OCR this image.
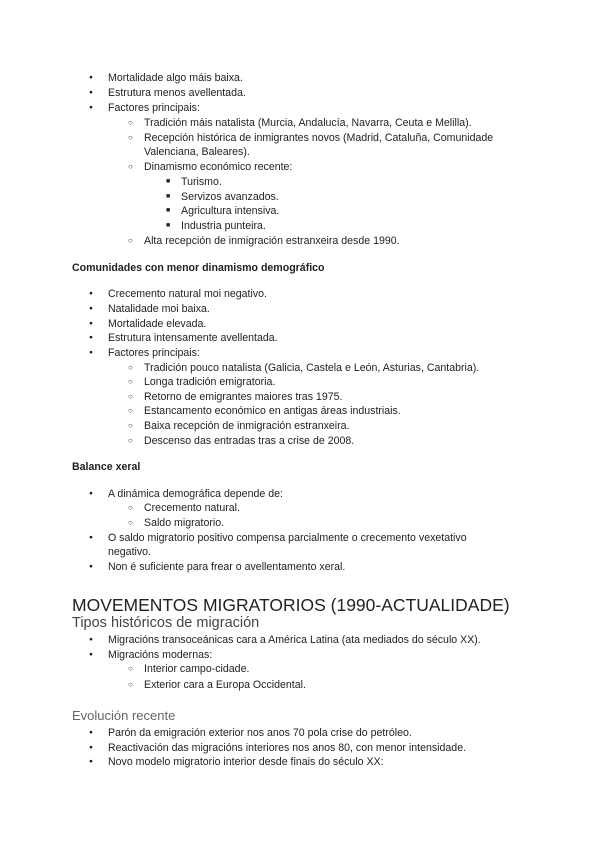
● Mortalidade algo máis baixa.
● Estrutura menos avellentada.
● Factores principais:
○ Tradición máis natalista (Murcia, Andalucía, Navarra, Ceuta e Melilla).
○ Recepción histórica de inmigrantes novos (Madrid, Cataluña, Comunidade
Valenciana, Baleares).
○ Dinamismo económico recente:
■ Turismo.
■ Servizos avanzados.
■ Agricultura intensiva.
■ Industria punteira.
○ Alta recepción de inmigración estranxeira desde 1990.
Comunidades con menor dinamismo demográfico
● Crecemento natural moi negativo.
● Natalidade moi baixa.
● Mortalidade elevada.
● Estrutura intensamente avellentada.
● Factores principais:
○ Tradición pouco natalista (Galicia, Castela e León, Asturias, Cantabria).
○ Longa tradición emigratoria.
○ Retorno de emigrantes maiores tras 1975.
○ Estancamento económico en antigas áreas industriais.
○ Baixa recepción de inmigración estranxeira.
○ Descenso das entradas tras a crise de 2008.
Balance xeral
● A dinámica demográfica depende de:
○ Crecemento natural.
○ Saldo migratorio.
● O saldo migratorio positivo compensa parcialmente o crecemento vexetativo
negativo.
● Non é suficiente para frear o avellentamento xeral.
MOVEMENTOS MIGRATORIOS (1990-ACTUALIDADE)
Tipos históricos de migración
● Migracións transoceánicas cara a América Latina (ata mediados do século XX).
● Migracións modernas:
○ Interior campo-cidade.
○ Exterior cara a Europa Occidental.
Evolución recente
● Parón da emigración exterior nos anos 70 pola crise do petróleo.
● Reactivación das migracións interiores nos anos 80, con menor intensidade.
● Novo modelo migratorio interior desde finais do século XX:
